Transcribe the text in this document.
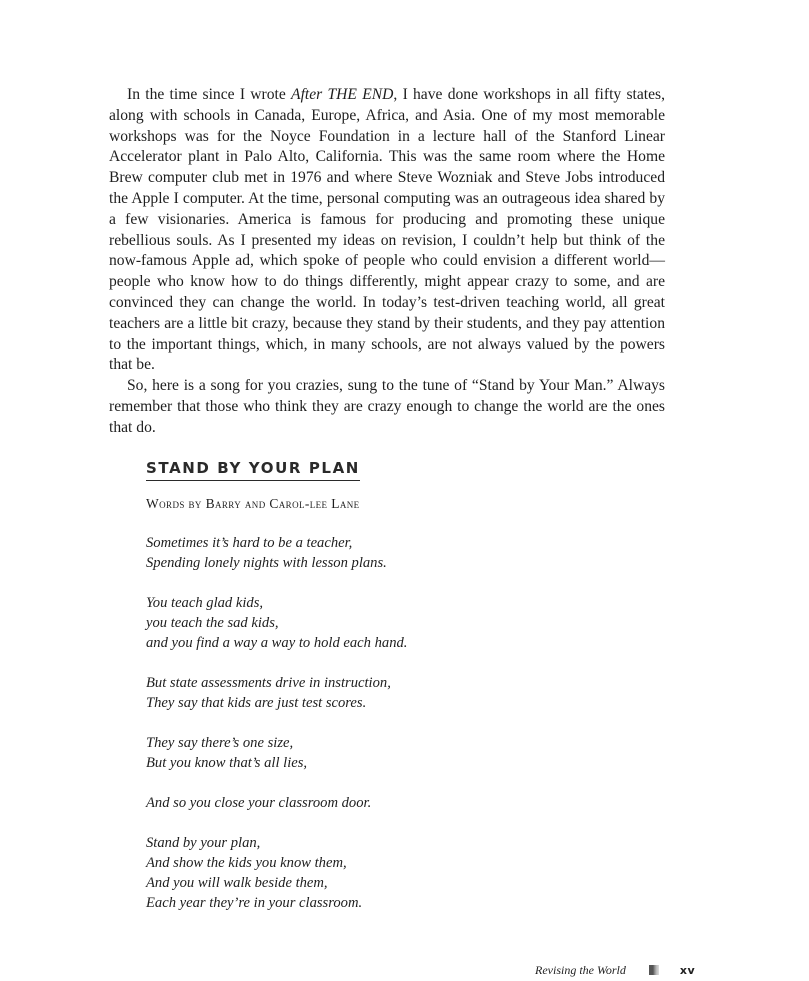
In the time since I wrote After THE END, I have done workshops in all fifty states, along with schools in Canada, Europe, Africa, and Asia. One of my most memorable workshops was for the Noyce Foundation in a lecture hall of the Stanford Linear Accelerator plant in Palo Alto, California. This was the same room where the Home Brew computer club met in 1976 and where Steve Wozniak and Steve Jobs introduced the Apple I computer. At the time, personal computing was an outrageous idea shared by a few visionaries. America is famous for producing and promoting these unique rebellious souls. As I presented my ideas on revision, I couldn’t help but think of the now-famous Apple ad, which spoke of people who could envision a different world—people who know how to do things differently, might appear crazy to some, and are convinced they can change the world. In today’s test-driven teaching world, all great teachers are a little bit crazy, because they stand by their students, and they pay attention to the important things, which, in many schools, are not always valued by the powers that be.

So, here is a song for you crazies, sung to the tune of “Stand by Your Man.” Always remember that those who think they are crazy enough to change the world are the ones that do.

STAND BY YOUR PLAN
Words by Barry and Carol-lee Lane
Sometimes it’s hard to be a teacher,
Spending lonely nights with lesson plans.
You teach glad kids,
you teach the sad kids,
and you find a way a way to hold each hand.
But state assessments drive in instruction,
They say that kids are just test scores.
They say there’s one size,
But you know that’s all lies,
And so you close your classroom door.
Stand by your plan,
And show the kids you know them,
And you will walk beside them,
Each year they’re in your classroom.
Revising the World	xv
